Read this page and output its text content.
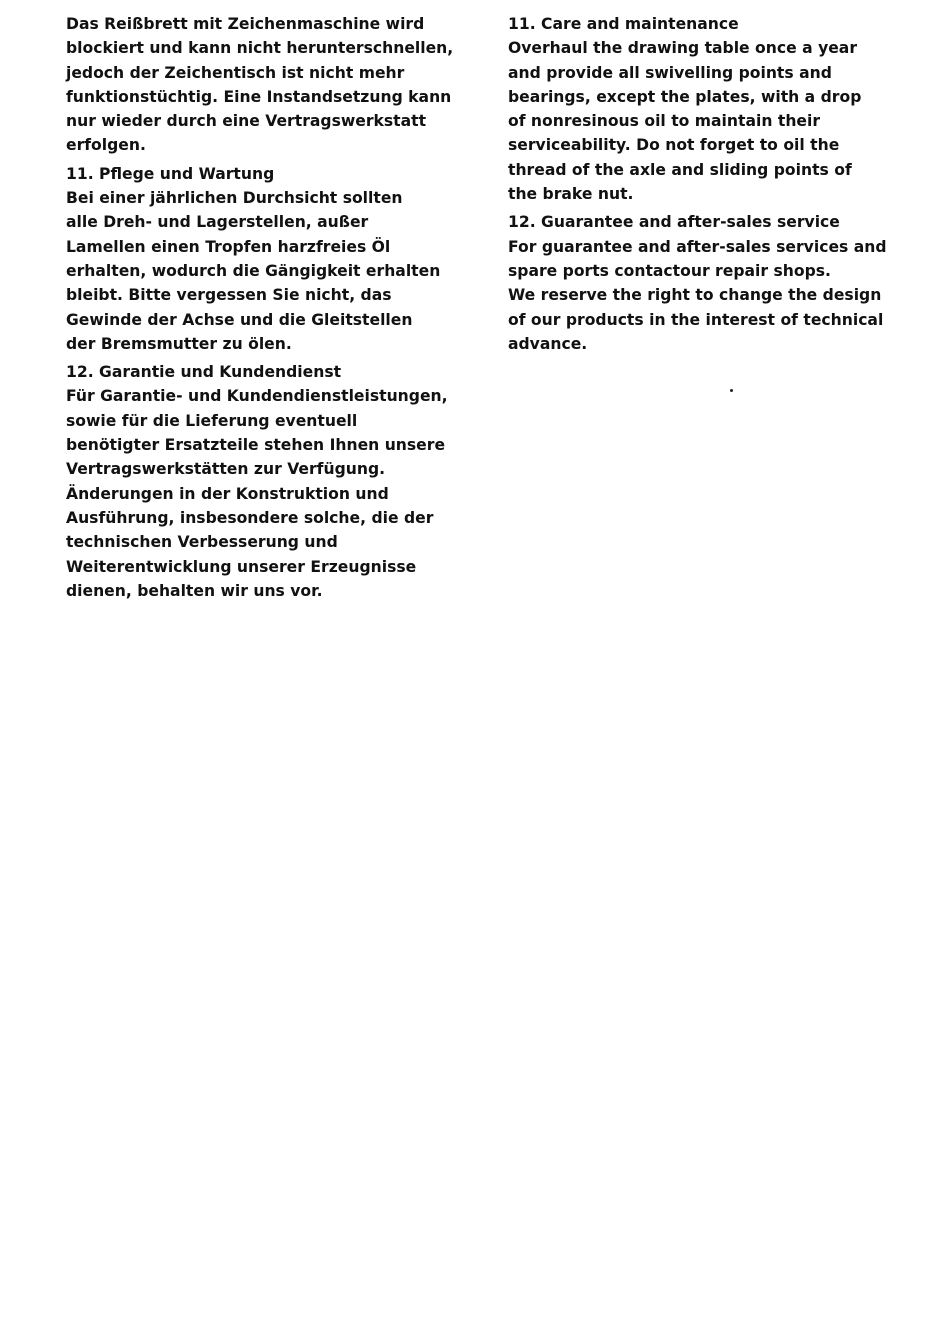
Das Reißbrett mit Zeichenmaschine wird
blockiert und kann nicht herunterschnellen,
jedoch der Zeichentisch ist nicht mehr
funktionstüchtig. Eine Instandsetzung kann
nur wieder durch eine Vertragswerkstatt
erfolgen.
11. Pflege und Wartung
Bei einer jährlichen Durchsicht sollten
alle Dreh- und Lagerstellen, außer
Lamellen einen Tropfen harzfreies Öl
erhalten, wodurch die Gängigkeit erhalten
bleibt. Bitte vergessen Sie nicht, das
Gewinde der Achse und die Gleitstellen
der Bremsmutter zu ölen.
12. Garantie und Kundendienst
Für Garantie- und Kundendienstleistungen,
sowie für die Lieferung eventuell
benötigter Ersatzteile stehen Ihnen unsere
Vertragswerkstätten zur Verfügung.
Änderungen in der Konstruktion und
Ausführung, insbesondere solche, die der
technischen Verbesserung und
Weiterentwicklung unserer Erzeugnisse
dienen, behalten wir uns vor.
11. Care and maintenance
Overhaul the drawing table once a year
and provide all swivelling points and
bearings, except the plates, with a drop
of nonresinous oil to maintain their
serviceability. Do not forget to oil the
thread of the axle and sliding points of
the brake nut.
12. Guarantee and after-sales service
For guarantee and after-sales services and
spare ports contactour repair shops.
We reserve the right to change the design
of our products in the interest of technical
advance.
